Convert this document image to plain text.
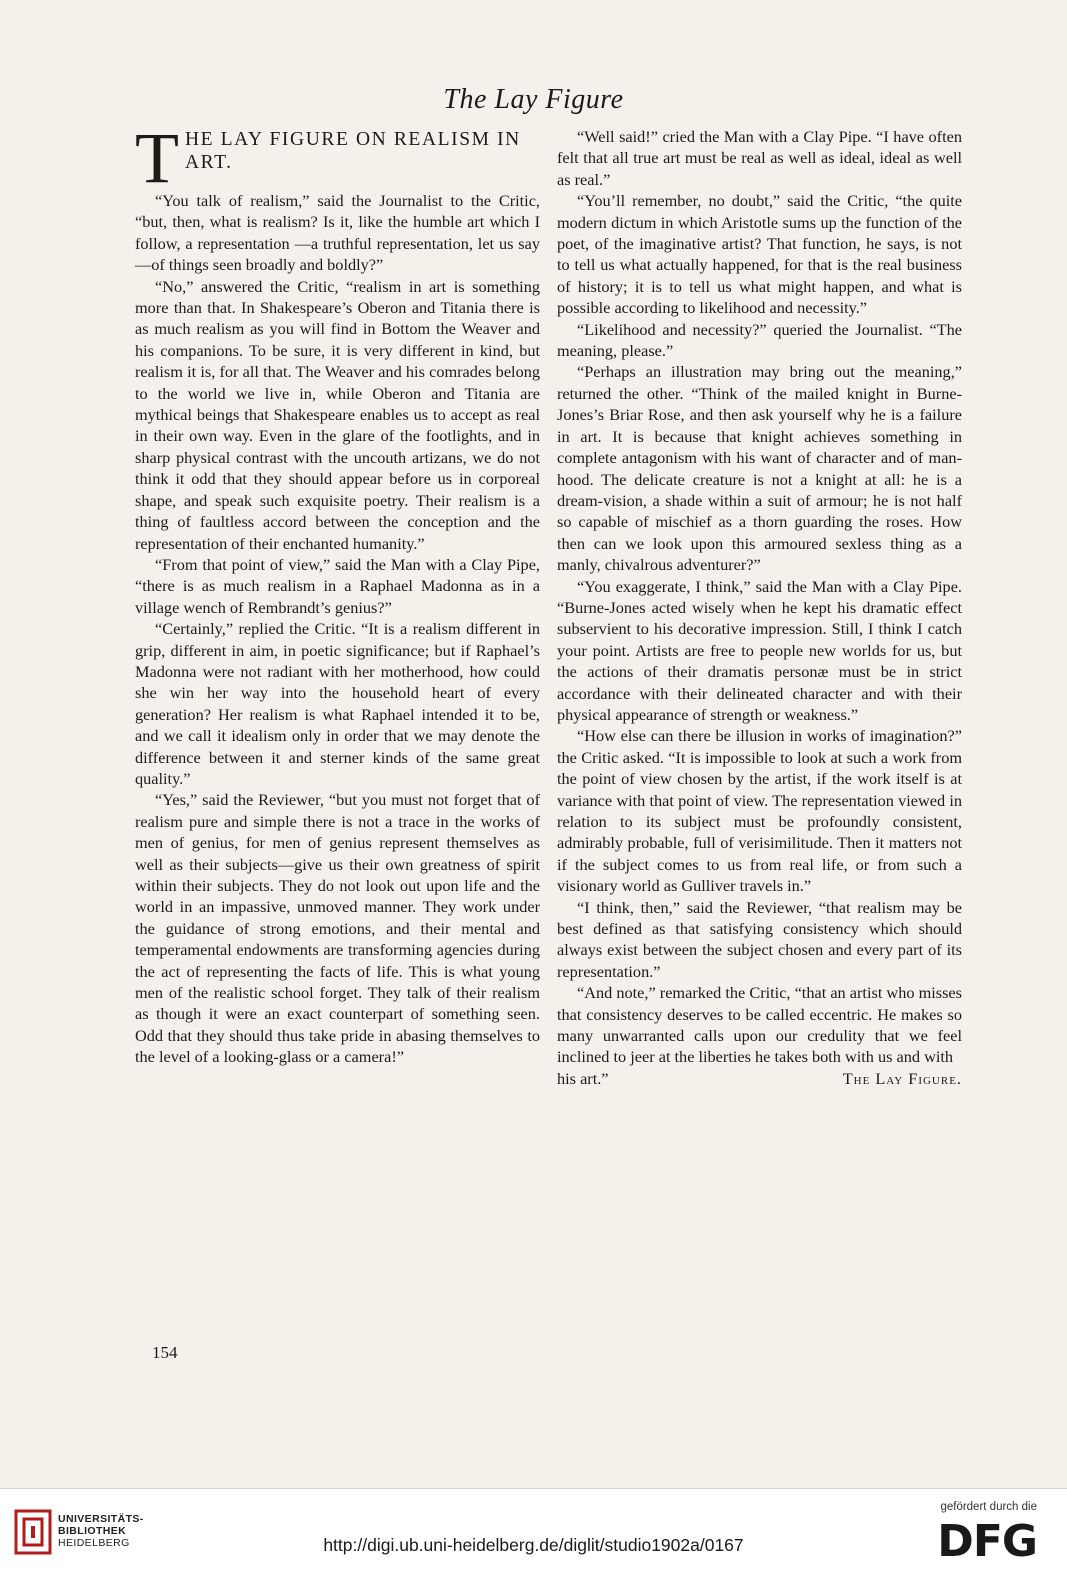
The Lay Figure
T HE LAY FIGURE ON REALISM IN ART.

“You talk of realism,” said the Journalist to the Critic, “but, then, what is realism? Is it, like the humble art which I follow, a representation —a truthful representation, let us say—of things seen broadly and boldly?”

“No,” answered the Critic, “realism in art is something more than that. In Shakespeare’s Oberon and Titania there is as much realism as you will find in Bottom the Weaver and his companions. To be sure, it is very different in kind, but realism it is, for all that. The Weaver and his comrades belong to the world we live in, while Oberon and Titania are mythical beings that Shakespeare enables us to accept as real in their own way. Even in the glare of the footlights, and in sharp physical contrast with the uncouth artizans, we do not think it odd that they should appear before us in corporeal shape, and speak such exquisite poetry. Their realism is a thing of faultless accord between the conception and the representation of their enchanted humanity.”

“From that point of view,” said the Man with a Clay Pipe, “there is as much realism in a Raphael Madonna as in a village wench of Rembrandt’s genius?”

“Certainly,” replied the Critic. “It is a realism different in grip, different in aim, in poetic significance; but if Raphael’s Madonna were not radiant with her motherhood, how could she win her way into the household heart of every generation? Her realism is what Raphael intended it to be, and we call it idealism only in order that we may denote the difference between it and sterner kinds of the same great quality.”

“Yes,” said the Reviewer, “but you must not forget that of realism pure and simple there is not a trace in the works of men of genius, for men of genius represent themselves as well as their subjects—give us their own greatness of spirit within their subjects. They do not look out upon life and the world in an impassive, unmoved manner. They work under the guidance of strong emotions, and their mental and temperamental endowments are transforming agencies during the act of representing the facts of life. This is what young men of the realistic school forget. They talk of their realism as though it were an exact counterpart of something seen. Odd that they should thus take pride in abasing themselves to the level of a looking-glass or a camera!”

“Well said!” cried the Man with a Clay Pipe. “I have often felt that all true art must be real as well as ideal, ideal as well as real.”

“You’ll remember, no doubt,” said the Critic, “the quite modern dictum in which Aristotle sums up the function of the poet, of the imaginative artist? That function, he says, is not to tell us what actually happened, for that is the real business of history; it is to tell us what might happen, and what is possible according to likelihood and necessity.”

“Likelihood and necessity?” queried the Journalist. “The meaning, please.”

“Perhaps an illustration may bring out the meaning,” returned the other. “Think of the mailed knight in Burne-Jones’s Briar Rose, and then ask yourself why he is a failure in art. It is because that knight achieves something in complete antagonism with his want of character and of manhood. The delicate creature is not a knight at all: he is a dream-vision, a shade within a suit of armour; he is not half so capable of mischief as a thorn guarding the roses. How then can we look upon this armoured sexless thing as a manly, chivalrous adventurer?”

“You exaggerate, I think,” said the Man with a Clay Pipe. “Burne-Jones acted wisely when he kept his dramatic effect subservient to his decorative impression. Still, I think I catch your point. Artists are free to people new worlds for us, but the actions of their dramatis personæ must be in strict accordance with their delineated character and with their physical appearance of strength or weakness.”

“How else can there be illusion in works of imagination?” the Critic asked. “It is impossible to look at such a work from the point of view chosen by the artist, if the work itself is at variance with that point of view. The representation viewed in relation to its subject must be profoundly consistent, admirably probable, full of verisimilitude. Then it matters not if the subject comes to us from real life, or from such a visionary world as Gulliver travels in.”

“I think, then,” said the Reviewer, “that realism may be best defined as that satisfying consistency which should always exist between the subject chosen and every part of its representation.”

“And note,” remarked the Critic, “that an artist who misses that consistency deserves to be called eccentric. He makes so many unwarranted calls upon our credulity that we feel inclined to jeer at the liberties he takes both with us and with

his art.”	The Lay Figure.
154
UNIVERSITÄTS-
BIBLIOTHEK
HEIDELBERG	http://digi.ub.uni-heidelberg.de/diglit/studio1902a/0167
gefördert durch die
DFG
